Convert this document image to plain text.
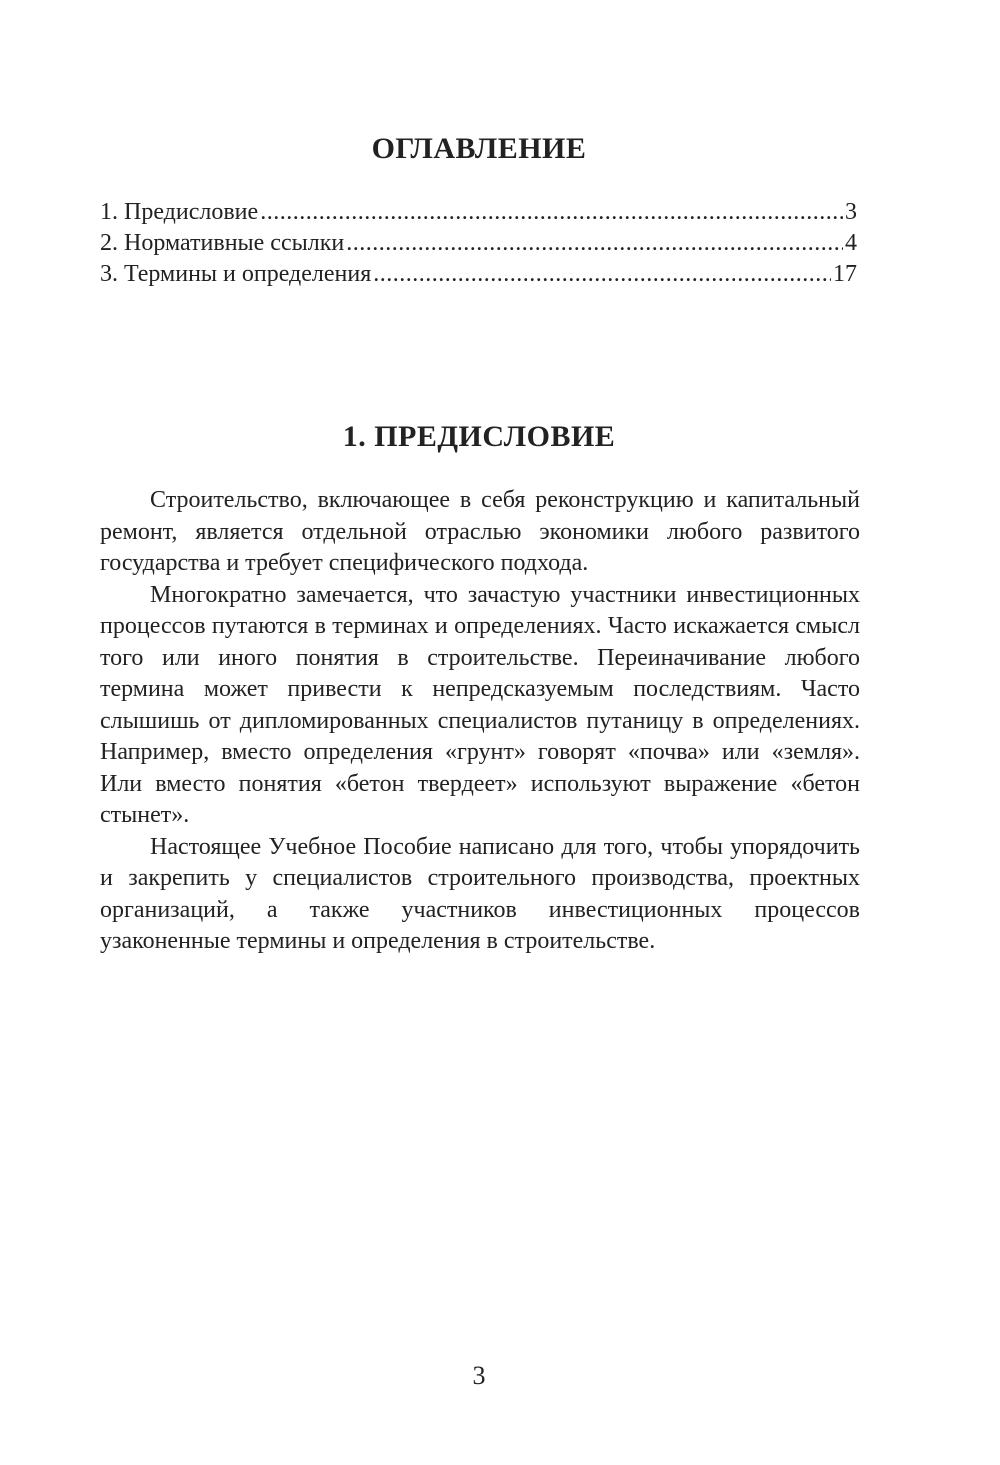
ОГЛАВЛЕНИЕ
1. Предисловие .....	3
2. Нормативные ссылки .....	4
3. Термины и определения .....	17
1. ПРЕДИСЛОВИЕ

Строительство, включающее в себя реконструкцию и капитальный ремонт, является отдельной отраслью экономики любого развитого государства и требует специфического подхода.

Многократно замечается, что зачастую участники инвестиционных процессов путаются в терминах и определениях. Часто искажается смысл того или иного понятия в строительстве. Переиначивание любого термина может привести к непредсказуемым последствиям. Часто слышишь от дипломированных специалистов путаницу в определениях. Например, вместо определения «грунт» говорят «почва» или «земля». Или вместо понятия «бетон твердеет» используют выражение «бетон стынет».

Настоящее Учебное Пособие написано для того, чтобы упорядочить и закрепить у специалистов строительного производства, проектных организаций, а также участников инвестиционных процессов узаконенные термины и определения в строительстве.

3
